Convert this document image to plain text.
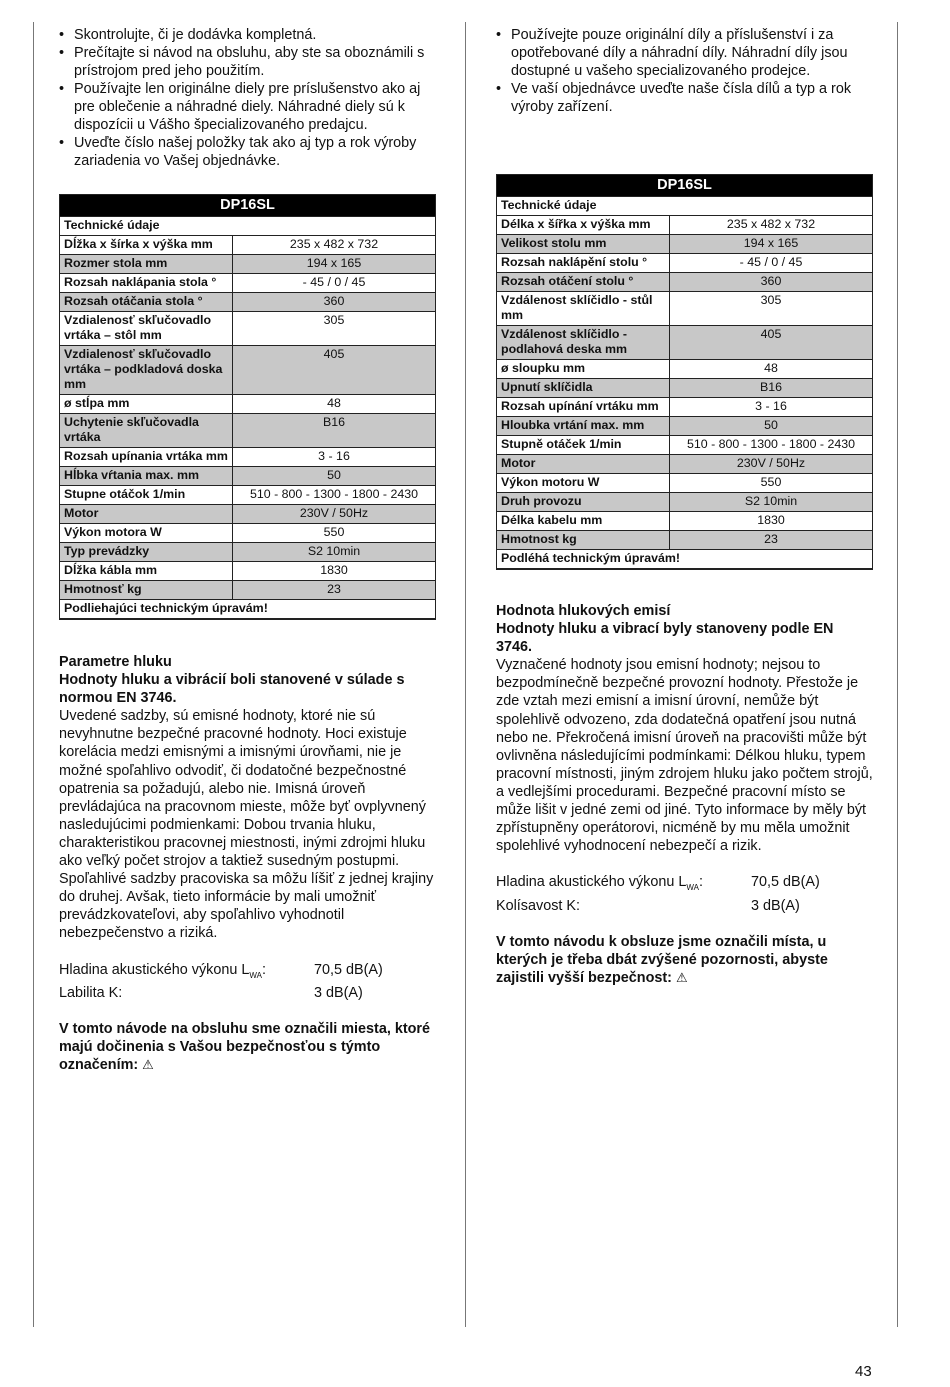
• Skontrolujte, či je dodávka kompletná.
• Prečítajte si návod na obsluhu, aby ste sa oboznámili s prístrojom pred jeho použitím.
• Používajte len originálne diely pre príslušenstvo ako aj pre oblečenie a náhradné diely. Náhradné diely sú k dispozícii u Vášho špecializovaného predajcu.
• Uveďte číslo našej položky tak ako aj typ a rok výroby zariadenia vo Vašej objednávke.
DP16SL	
Technické údaje	
Dĺžka x šírka x výška mm	235 x 482 x 732
Rozmer stola mm	194 x 165
Rozsah naklápania stola °	- 45 / 0 / 45
Rozsah otáčania stola °	360
Vzdialenosť skľučovadlo vrtáka – stôl mm	305
Vzdialenosť skľučovadlo vrtáka – podkladová doska mm	405
ø stĺpa mm	48
Uchytenie skľučovadla vrtáka	B16
Rozsah upínania vrtáka mm	3 - 16
Hĺbka vŕtania max. mm	50
Stupne otáčok 1/min	510 - 800 - 1300 - 1800 - 2430
Motor	230V / 50Hz
Výkon motora W	550
Typ prevádzky	S2 10min
Dĺžka kábla mm	1830
Hmotnosť kg	23
Podliehajúci technickým úpravám!	
Parametre hluku
Hodnoty hluku a vibrácií boli stanovené v súlade s normou EN 3746.
Uvedené sadzby, sú emisné hodnoty, ktoré nie sú nevyhnutne bezpečné pracovné hodnoty. Hoci existuje korelácia medzi emisnými a imisnými úrovňami, nie je možné spoľahlivo odvodiť, či dodatočné bezpečnostné opatrenia sa požadujú, alebo nie. Imisná úroveň prevládajúca na pracovnom mieste, môže byť ovplyvnený nasledujúcimi podmienkami: Dobou trvania hluku, charakteristikou pracovnej miestnosti, inými zdrojmi hluku ako veľký počet strojov a taktiež susedným postupmi. Spoľahlivé sadzby pracoviska sa môžu líšiť z jednej krajiny do druhej. Avšak, tieto informácie by mali umožniť prevádzkovateľovi, aby spoľahlivo vyhodnotil nebezpečenstvo a riziká.
Hladina akustického výkonu $L_{WA}$:	70,5 dB(A)
Labilita K:	3 dB(A)
V tomto návode na obsluhu sme označili miesta, ktoré majú dočinenia s Vašou bezpečnosťou s týmto označením: ⚠
• Používejte pouze originální díly a příslušenství i za opotřebované díly a náhradní díly. Náhradní díly jsou dostupné u vašeho specializovaného prodejce.
• Ve vaší objednávce uveďte naše čísla dílů a typ a rok výroby zařízení.
DP16SL	
Technické údaje	
Délka x šířka x výška mm	235 x 482 x 732
Velikost stolu mm	194 x 165
Rozsah naklápění stolu °	- 45 / 0 / 45
Rozsah otáčení stolu °	360
Vzdálenost sklíčidlo - stůl mm	305
Vzdálenost sklíčidlo - podlahová deska mm	405
ø sloupku mm	48
Upnutí sklíčidla	B16
Rozsah upínání vrtáku mm	3 - 16
Hloubka vrtání max. mm	50
Stupně otáček 1/min	510 - 800 - 1300 - 1800 - 2430
Motor	230V / 50Hz
Výkon motoru W	550
Druh provozu	S2 10min
Délka kabelu mm	1830
Hmotnost kg	23
Podléhá technickým úpravám!	
Hodnota hlukových emisí
Hodnoty hluku a vibrací byly stanoveny podle EN 3746.
Vyznačené hodnoty jsou emisní hodnoty; nejsou to bezpodmínečně bezpečné provozní hodnoty. Přestože je zde vztah mezi emisní a imisní úrovní, nemůže být spolehlivě odvozeno, zda dodatečná opatření jsou nutná nebo ne. Překročená imisní úroveň na pracovišti může být ovlivněna následujícími podmínkami: Délkou hluku, typem pracovní místnosti, jiným zdrojem hluku jako počtem strojů, a vedlejšími procedurami. Bezpečné pracovní místo se může lišit v jedné zemi od jiné. Tyto informace by měly být zpřístupněny operátorovi, nicméně by mu měla umožnit spolehlivé vyhodnocení nebezpečí a rizik.
Hladina akustického výkonu $L_{WA}$:	70,5 dB(A)
Kolísavost K:	3 dB(A)
V tomto návodu k obsluze jsme označili místa, u kterých je třeba dbát zvýšené pozornosti, abyste zajistili vyšší bezpečnost: ⚠
43
